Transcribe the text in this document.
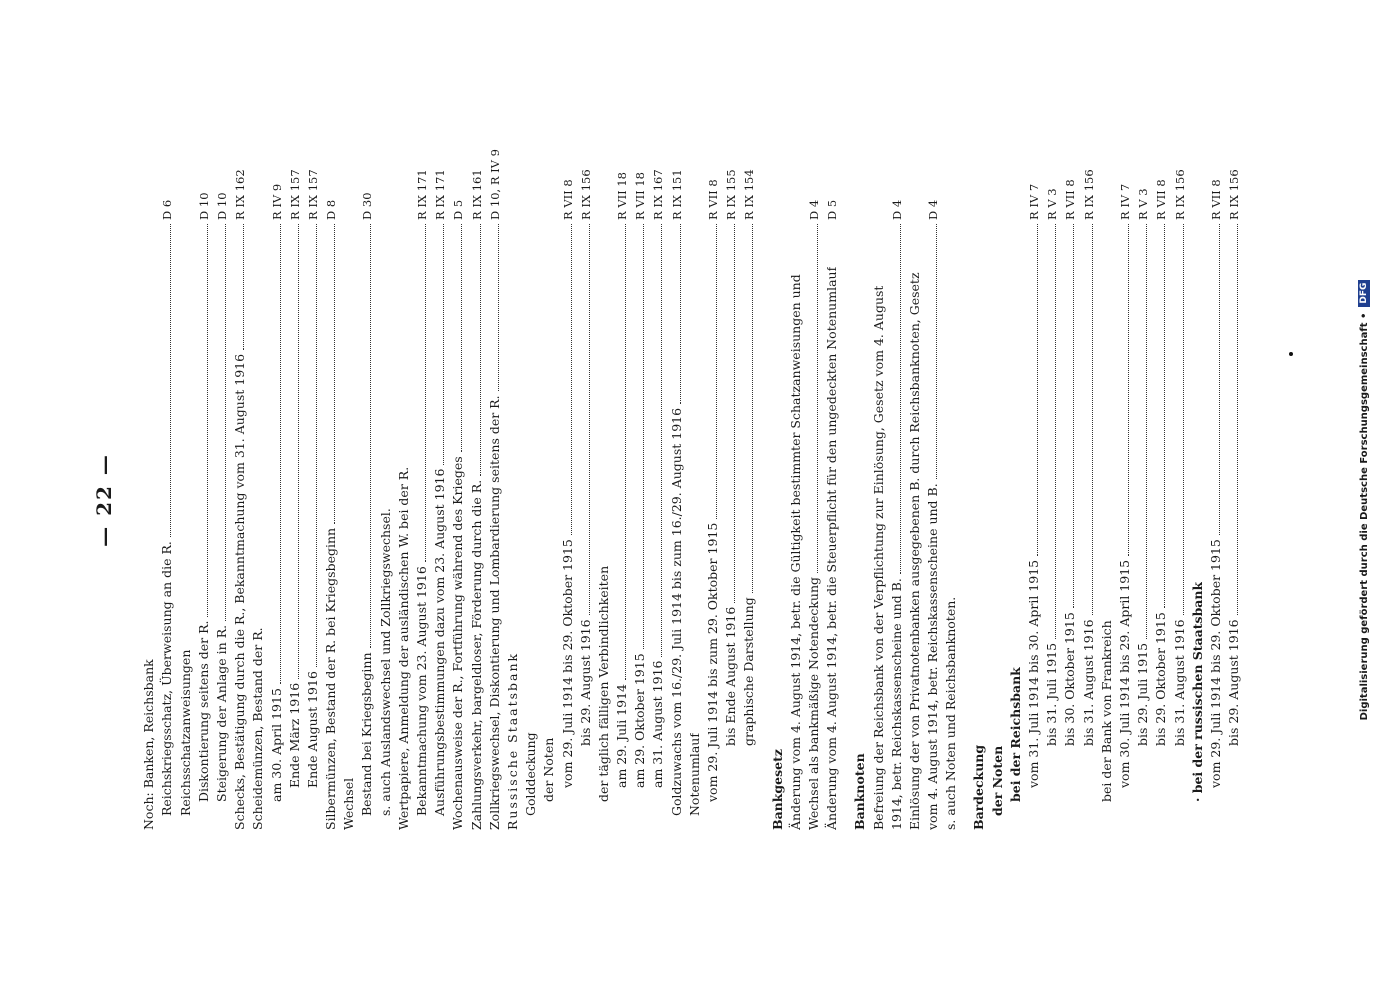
— 22 —
Noch: Banken, Reichsbank Reichskriegsschatz, Überweisung an die R.
D 6
Reichsschatzanweisungen Diskontierung seitens der R.
D 10
Steigerung der Anlage in R.
D 10
Schecks, Bestätigung durch die R., Bekanntmachung vom 31. August 1916
R IX 162
Scheidemünzen, Bestand der R. am 30. April 1915
R IV 9
Ende März 1916
R IX 157
Ende August 1916
R IX 157
Silbermünzen, Bestand der R. bei Kriegsbeginn
D 8
Wechsel Bestand bei Kriegsbeginn
D 30
s. auch Auslandswechsel und Zollkriegswechsel. Wertpapiere, Anmeldung der ausländischen W. bei der R. Bekanntmachung vom 23. August 1916
R IX 171
Ausführungsbestimmungen dazu vom 23. August 1916
R IX 171
Wochenausweise der R., Fortführung während des Krieges
D 5
Zahlungsverkehr, bargeldloser, Förderung durch die R.
R IX 161
Zollkriegswechsel, Diskontierung und Lombardierung seitens der R.
D 10, R IV 9
Russische Staatsbank Golddeckung der Noten vom 29. Juli 1914 bis 29. Oktober 1915
R VII 8
bis 29. August 1916
R IX 156
der täglich fälligen Verbindlichkeiten am 29. Juli 1914
R VII 18
am 29. Oktober 1915
R VII 18
am 31. August 1916
R IX 167
Goldzuwachs vom 16./29. Juli 1914 bis zum 16./29. August 1916
R IX 151
Notenumlauf vom 29. Juli 1914 bis zum 29. Oktober 1915
R VII 8
bis Ende August 1916
R IX 155
graphische Darstellung
R IX 154
Bankgesetz Änderung vom 4. August 1914, betr. die Gültigkeit bestimmter Schatzanweisungen und Wechsel als bankmäßige Notendeckung
D 4
Änderung vom 4. August 1914, betr. die Steuerpflicht für den ungedeckten Notenumlauf
D 5
Banknoten Befreiung der Reichsbank von der Verpflichtung zur Einlösung, Gesetz vom 4. August 1914, betr. Reichskassenscheine und B.
D 4
Einlösung der von Privatnotenbanken ausgegebenen B. durch Reichsbanknoten, Gesetz vom 4. August 1914, betr. Reichskassenscheine und B.
D 4
s. auch Noten und Reichsbanknoten. Bardeckung der Noten bei der Reichsbank vom 31. Juli 1914 bis 30. April 1915
R IV 7
bis 31. Juli 1915
R V 3
bis 30. Oktober 1915
R VII 8
bis 31. August 1916
R IX 156
bei der Bank von Frankreich vom 30. Juli 1914 bis 29. April 1915
R IV 7
bis 29. Juli 1915
R V 3
bis 29. Oktober 1915
R VII 8
bis 31. August 1916
R IX 156
· bei der russischen Staatsbank vom 29. Juli 1914 bis 29. Oktober 1915
R VII 8
bis 29. August 1916
R IX 156
Digitalisierung gefördert durch die Deutsche Forschungsgemeinschaft •
DFG
